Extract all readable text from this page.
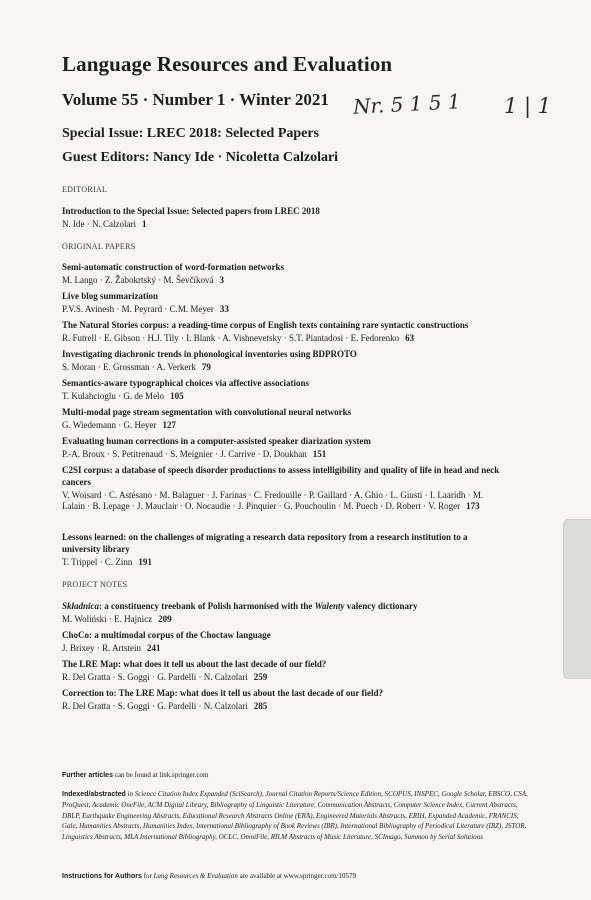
Language Resources and Evaluation
Volume 55 · Number 1 · Winter 2021 Nr. 5 1 5 1 1 | 1
Special Issue: LREC 2018: Selected Papers
Guest Editors: Nancy Ide · Nicoletta Calzolari
EDITORIAL
Introduction to the Special Issue: Selected papers from LREC 2018
N. Ide · N. Calzolari 1
ORIGINAL PAPERS
Semi-automatic construction of word-formation networks
M. Lango · Z. Žabokrtský · M. Ševčíková 3
Live blog summarization
P.V.S. Avinesh · M. Peyrard · C.M. Meyer 33
The Natural Stories corpus: a reading-time corpus of English texts containing rare syntactic constructions
R. Futrell · E. Gibson · H.J. Tily · I. Blank · A. Vishnevetsky · S.T. Piantadosi · E. Fedorenko 63
Investigating diachronic trends in phonological inventories using BDPROTO
S. Moran · E. Grossman · A. Verkerk 79
Semantics-aware typographical choices via affective associations
T. Kulahcioglu · G. de Melo 105
Multi-modal page stream segmentation with convolutional neural networks
G. Wiedemann · G. Heyer 127
Evaluating human corrections in a computer-assisted speaker diarization system
P.-A. Broux · S. Petitrenaud · S. Meignier · J. Carrive · D. Doukhan 151
C2SI corpus: a database of speech disorder productions to assess intelligibility and quality of life in head and neck cancers
V. Woisard · C. Astésano · M. Balaguer · J. Farinas · C. Fredouille · P. Gaillard · A. Ghio · L. Giusti · I. Laaridh · M. Lalain · B. Lepage · J. Mauclair · O. Nocaudie · J. Pinquier · G. Pouchoulin · M. Puech · D. Robert · V. Roger 173
Lessons learned: on the challenges of migrating a research data repository from a research institution to a university library
T. Trippel · C. Zinn 191
PROJECT NOTES
Składnica: a constituency treebank of Polish harmonised with the Walenty valency dictionary
M. Woliński · E. Hajnicz 209
ChoCo: a multimodal corpus of the Choctaw language
J. Brixey · R. Artstein 241
The LRE Map: what does it tell us about the last decade of our field?
R. Del Gratta · S. Goggi · G. Pardelli · N. Calzolari 259
Correction to: The LRE Map: what does it tell us about the last decade of our field?
R. Del Gratta · S. Goggi · G. Pardelli · N. Calzolari 285
Further articles can be found at link.springer.com
Indexed/abstracted in Science Citation Index Expanded (SciSearch), Journal Citation Reports/Science Edition, SCOPUS, INSPEC, Google Scholar, EBSCO, CSA, ProQuest, Academic OneFile, ACM Digital Library, Bibliography of Linguistic Literature, Communication Abstracts, Computer Science Index, Current Abstracts, DBLP, Earthquake Engineering Abstracts, Educational Research Abstracts Online (ERA), Engineered Materials Abstracts, ERIH, Expanded Academic, FRANCIS, Gale, Humanities Abstracts, Humanities Index, International Bibliography of Book Reviews (IBR), International Bibliography of Periodical Literature (IBZ), JSTOR, Linguistics Abstracts, MLA International Bibliography, OCLC, OmniFile, RILM Abstracts of Music Literature, SCImago, Summon by Serial Solutions
Instructions for Authors for Lang Resources & Evaluation are available at www.springer.com/10579
